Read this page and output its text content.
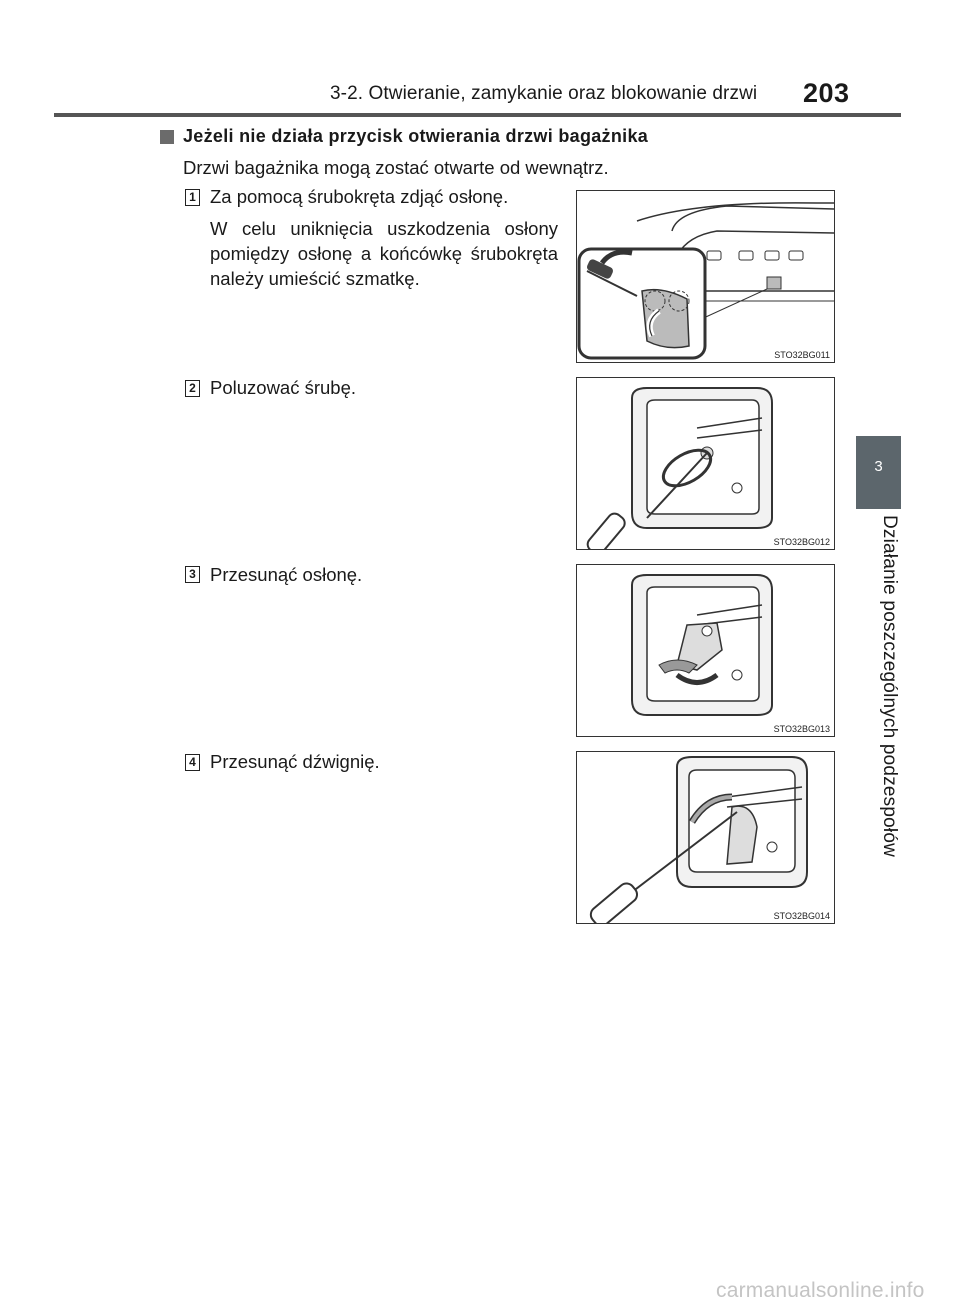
3-2. Otwieranie, zamykanie oraz blokowanie drzwi 203
3
Działanie poszczególnych podzespołów
Jeżeli nie działa przycisk otwierania drzwi bagażnika
Drzwi bagażnika mogą zostać otwarte od wewnątrz.
1 Za pomocą śrubokręta zdjąć osłonę.
W celu uniknięcia uszkodzenia osłony pomiędzy osłonę a końcówkę śrubokręta należy umieścić szmatkę.
STO32BG011
2 Poluzować śrubę.
STO32BG012
3 Przesunąć osłonę.
STO32BG013
4 Przesunąć dźwignię.
STO32BG014
carmanualsonline.info
